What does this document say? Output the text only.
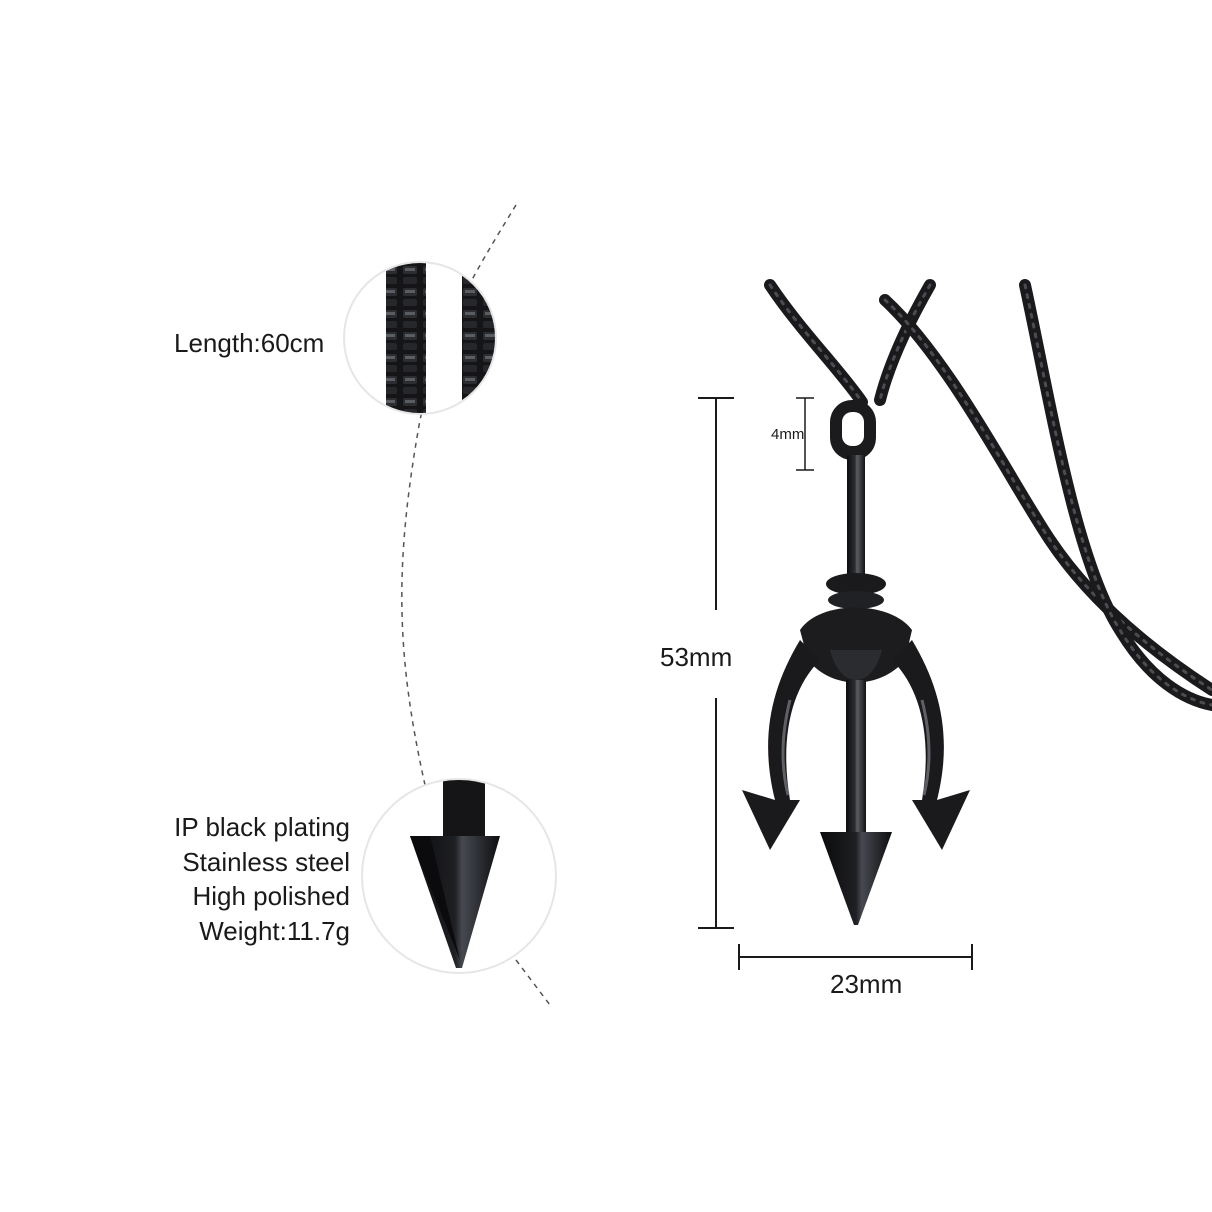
Length:60cm
IP black plating
Stainless steel
High polished
Weight:11.7g
53mm
23mm
4mm
